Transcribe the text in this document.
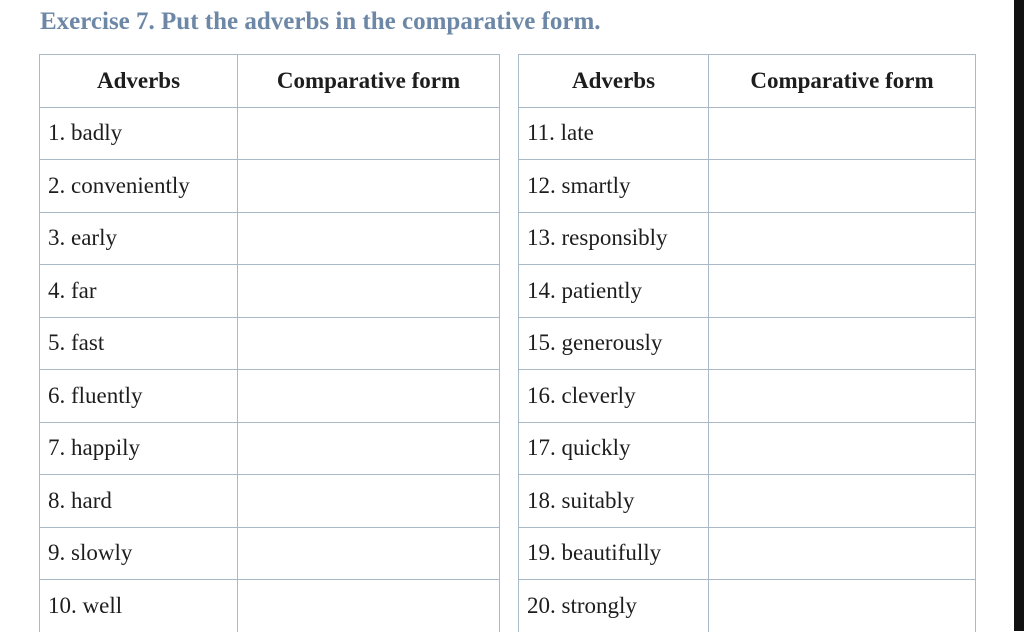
Exercise 7. Put the adverbs in the comparative form.
Adverbs	Comparative form
1. badly	
2. conveniently	
3. early	
4. far	
5. fast	
6. fluently	
7. happily	
8. hard	
9. slowly	
10. well	
Adverbs	Comparative form
11. late	
12. smartly	
13. responsibly	
14. patiently	
15. generously	
16. cleverly	
17. quickly	
18. suitably	
19. beautifully	
20. strongly	
